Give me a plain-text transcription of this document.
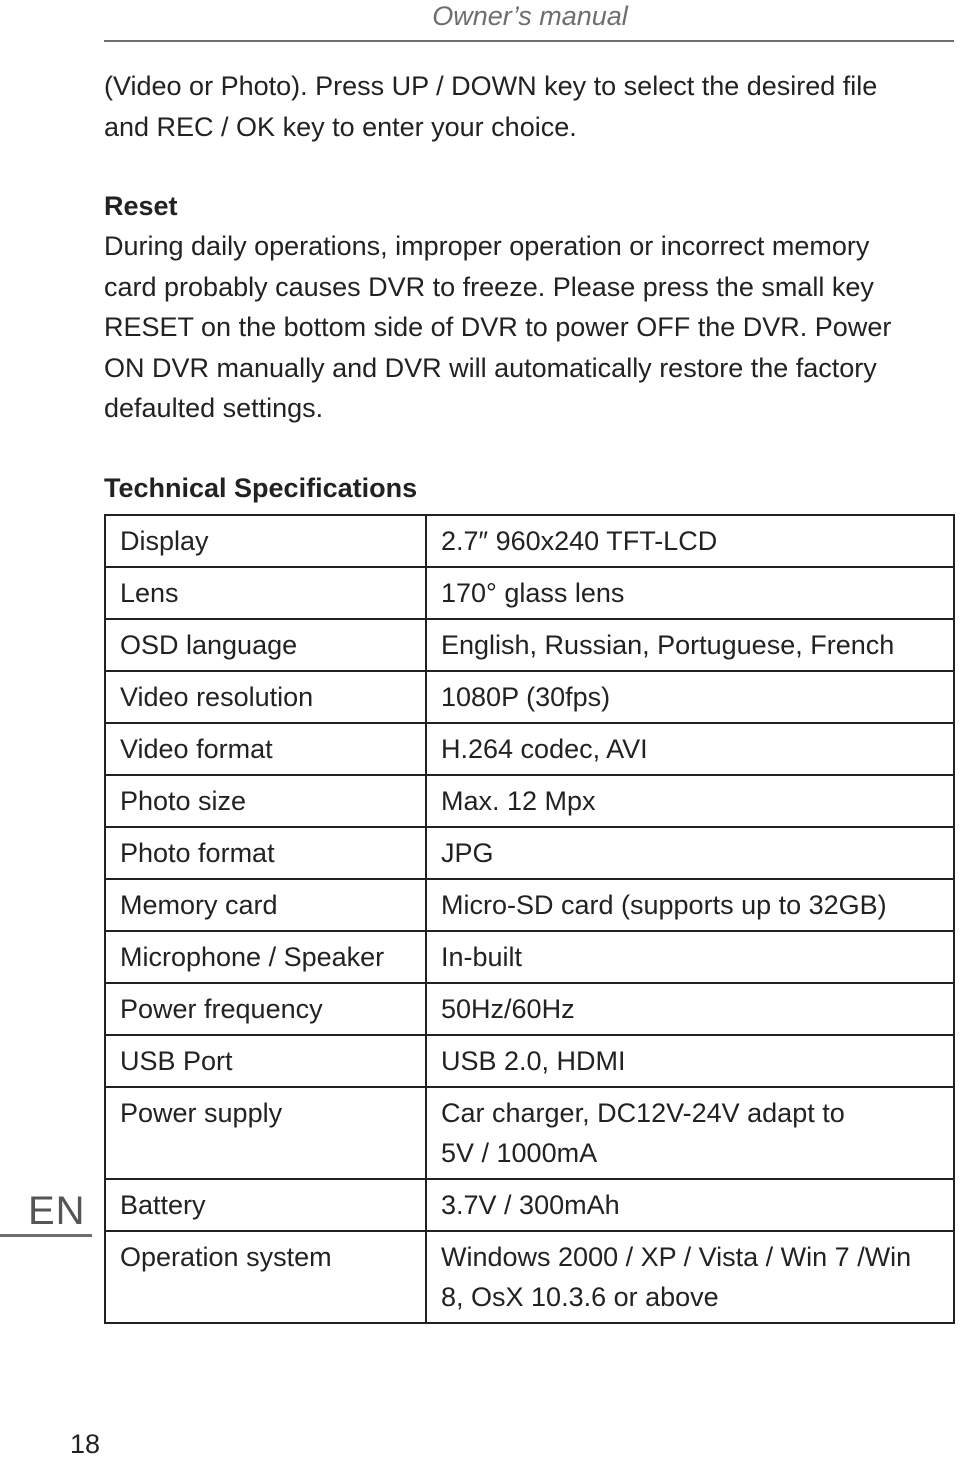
Owner’s manual

(Video or Photo). Press UP / DOWN key to select the desired file
and REC / OK key to enter your choice.

Reset

During daily operations, improper operation or incorrect memory
card probably causes DVR to freeze. Please press the small key
RESET on the bottom side of DVR to power OFF the DVR. Power
ON DVR manually and DVR will automatically restore the factory
defaulted settings.

Technical Specifications
Display	2.7″ 960x240 TFT-LCD

Lens	170° glass lens

OSD language	English, Russian, Portuguese, French

Video resolution	1080P (30fps)

Video format	H.264 codec, AVI

Photo size	Max. 12 Mpx

Photo format	JPG

Memory card	Micro-SD card (supports up to 32GB)

Microphone / Speaker	In-built

Power frequency	50Hz/60Hz

USB Port	USB 2.0, HDMI

Power supply	Car charger, DC12V-24V adapt to
5V / 1000mA

Battery	3.7V / 300mAh

Operation system	Windows 2000 / XP / Vista / Win 7 /Win
8, OsX 10.3.6 or above
EN
18
